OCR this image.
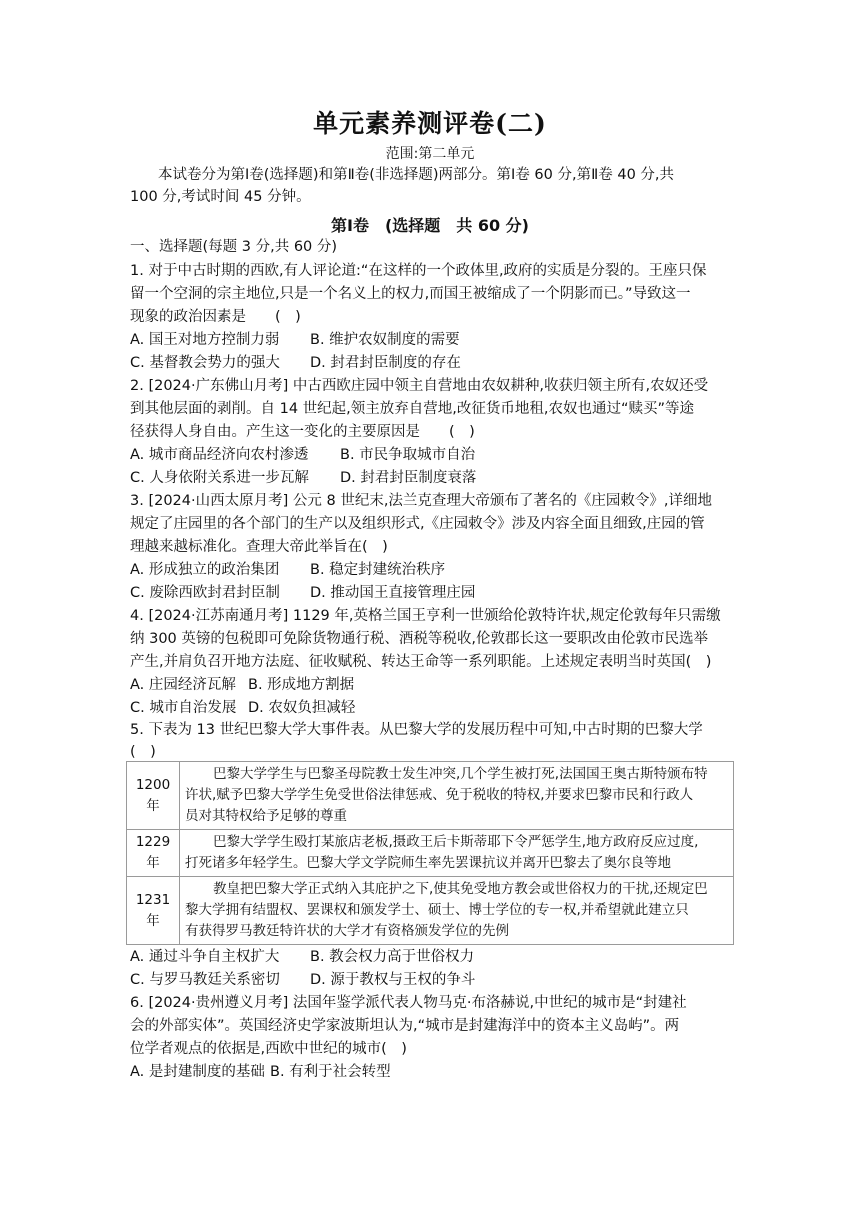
单元素养测评卷(二)
范围:第二单元
本试卷分为第Ⅰ卷(选择题)和第Ⅱ卷(非选择题)两部分。第Ⅰ卷 60 分,第Ⅱ卷 40 分,共
100 分,考试时间 45 分钟。
第Ⅰ卷　(选择题　共 60 分)
一、选择题(每题 3 分,共 60 分)
1. 对于中古时期的西欧,有人评论道:“在这样的一个政体里,政府的实质是分裂的。王座只保
留一个空洞的宗主地位,只是一个名义上的权力,而国王被缩成了一个阴影而已。”导致这一
现象的政治因素是　　(　)
A. 国王对地方控制力弱 B. 维护农奴制度的需要
C. 基督教会势力的强大 D. 封君封臣制度的存在
2. [2024·广东佛山月考] 中古西欧庄园中领主自营地由农奴耕种,收获归领主所有,农奴还受
到其他层面的剥削。自 14 世纪起,领主放弃自营地,改征货币地租,农奴也通过“赎买”等途
径获得人身自由。产生这一变化的主要原因是　　(　)
A. 城市商品经济向农村渗透 B. 市民争取城市自治
C. 人身依附关系进一步瓦解 D. 封君封臣制度衰落
3. [2024·山西太原月考] 公元 8 世纪末,法兰克查理大帝颁布了著名的《庄园敕令》,详细地
规定了庄园里的各个部门的生产以及组织形式,《庄园敕令》涉及内容全面且细致,庄园的管
理越来越标准化。查理大帝此举旨在(　)
A. 形成独立的政治集团 B. 稳定封建统治秩序
C. 废除西欧封君封臣制 D. 推动国王直接管理庄园
4. [2024·江苏南通月考] 1129 年,英格兰国王亨利一世颁给伦敦特许状,规定伦敦每年只需缴
纳 300 英镑的包税即可免除货物通行税、酒税等税收,伦敦郡长这一要职改由伦敦市民选举
产生,并肩负召开地方法庭、征收赋税、转达王命等一系列职能。上述规定表明当时英国(　)
A. 庄园经济瓦解 B. 形成地方割据
C. 城市自治发展 D. 农奴负担减轻
5. 下表为 13 世纪巴黎大学大事件表。从巴黎大学的发展历程中可知,中古时期的巴黎大学
(　)
1200 年	巴黎大学学生与巴黎圣母院教士发生冲突,几个学生被打死,法国国王奥古斯特颁布特
许状,赋予巴黎大学学生免受世俗法律惩戒、免于税收的特权,并要求巴黎市民和行政人
员对其特权给予足够的尊重

1229 年	巴黎大学学生殴打某旅店老板,摄政王后卡斯蒂耶下令严惩学生,地方政府反应过度,
打死诸多年轻学生。巴黎大学文学院师生率先罢课抗议并离开巴黎去了奥尔良等地

1231 年	教皇把巴黎大学正式纳入其庇护之下,使其免受地方教会或世俗权力的干扰,还规定巴
黎大学拥有结盟权、罢课权和颁发学士、硕士、博士学位的专一权,并希望就此建立只
有获得罗马教廷特许状的大学才有资格颁发学位的先例
A. 通过斗争自主权扩大 B. 教会权力高于世俗权力
C. 与罗马教廷关系密切 D. 源于教权与王权的争斗
6. [2024·贵州遵义月考] 法国年鉴学派代表人物马克·布洛赫说,中世纪的城市是“封建社
会的外部实体”。英国经济史学家波斯坦认为,“城市是封建海洋中的资本主义岛屿”。两
位学者观点的依据是,西欧中世纪的城市(　)
A. 是封建制度的基础 B. 有利于社会转型
